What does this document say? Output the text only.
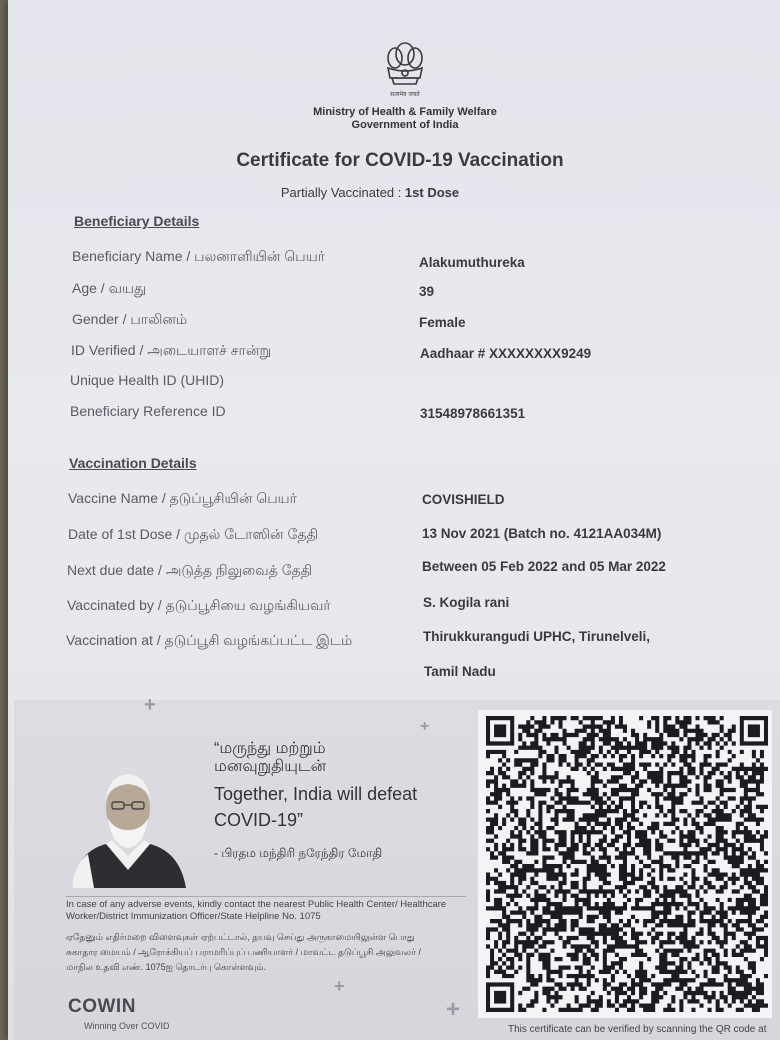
सत्यमेव जयते
Ministry of Health & Family Welfare
Government of India
Certificate for COVID-19 Vaccination
Partially Vaccinated : 1st Dose
Beneficiary Details
Beneficiary Name / பலனாளியின் பெயர்	Alakumuthureka
Age / வயது	39
Gender / பாலினம்	Female
ID Verified / அடையாளச் சான்று	Aadhaar # XXXXXXXX9249
Unique Health ID (UHID)
Beneficiary Reference ID	31548978661351
Vaccination Details
Vaccine Name / தடுப்பூசியின் பெயர்	COVISHIELD
Date of 1st Dose / முதல் டோஸின் தேதி	13 Nov 2021 (Batch no. 4121AA034M)
Next due date / அடுத்த நிலுவைத் தேதி	Between 05 Feb 2022 and 05 Mar 2022
Vaccinated by / தடுப்பூசியை வழங்கியவர்	S. Kogila rani
Vaccination at / தடுப்பூசி வழங்கப்பட்ட இடம்	Thirukkurangudi UPHC, Tirunelveli,
Tamil Nadu
+
+
+
+
“மருந்து மற்றும்
மனவுறுதியுடன்
Together, India will defeat
COVID-19”
- பிரதம மந்திரி நரேந்திர மோதி
In case of any adverse events, kindly contact the nearest Public Health Center/ Healthcare Worker/District Immunization Officer/State Helpline No. 1075
ஏதேனும் எதிர்மறை விளைவுகள் ஏற்பட்டால், தயவு செய்து அருகாமையிலுள்ள பொது
சுகாதார மையம் / ஆரோக்கியப் பராமரிப்புப் பணியாளர் / மாவட்ட தடுப்பூசி அலுவலர் /
மாநில உதவி எண். 1075ஐ தொடர்பு கொள்ளவும்.
COWIN
Winning Over COVID	This certificate can be verified by scanning the QR code at
